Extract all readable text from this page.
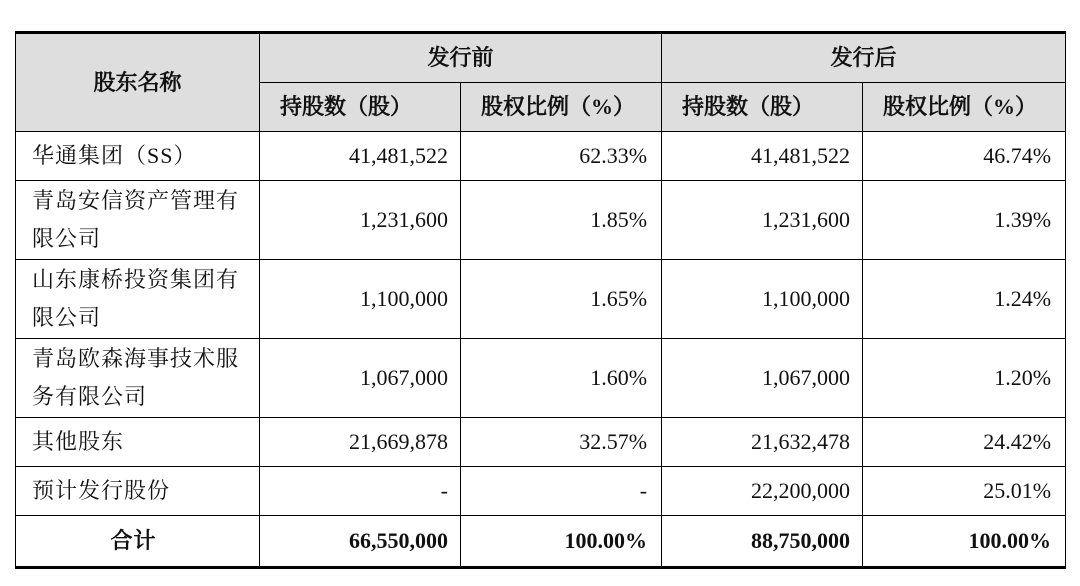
股东名称	发行前		发行后	
	持股数（股）	股权比例（%）	持股数（股）	股权比例（%）
华通集团（SS）	41,481,522	62.33%	41,481,522	46.74%
青岛安信资产管理有限公司	1,231,600	1.85%	1,231,600	1.39%
山东康桥投资集团有限公司	1,100,000	1.65%	1,100,000	1.24%
青岛欧森海事技术服务有限公司	1,067,000	1.60%	1,067,000	1.20%
其他股东	21,669,878	32.57%	21,632,478	24.42%
预计发行股份	-	-	22,200,000	25.01%
合计	66,550,000	100.00%	88,750,000	100.00%
